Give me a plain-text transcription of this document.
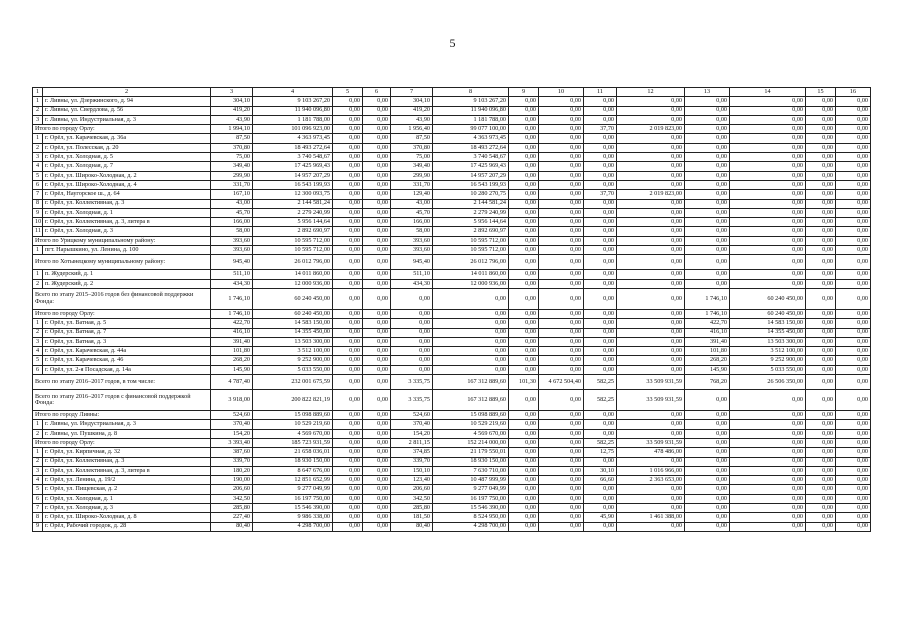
5
1	2	3	4	5	6	7	8	9	10	11	12	13	14	15	16
1	г. Ливны, ул. Дзержинского, д. 94	304,10	9 103 267,20	0,00	0,00	304,10	9 103 267,20	0,00	0,00	0,00	0,00	0,00	0,00	0,00	0,00
2	г. Ливны, ул. Свердлова, д. 56	419,20	11 940 096,80	0,00	0,00	419,20	11 940 096,80	0,00	0,00	0,00	0,00	0,00	0,00	0,00	0,00
3	г. Ливны, ул. Индустриальная, д. 3	43,90	1 181 788,00	0,00	0,00	43,90	1 181 788,00	0,00	0,00	0,00	0,00	0,00	0,00	0,00	0,00
Итого по городу Орлу:		1 994,10	101 096 923,00	0,00	0,00	1 956,40	99 077 100,00	0,00	0,00	37,70	2 019 823,00	0,00	0,00	0,00	0,00
1	г. Орёл, ул. Карачевская, д. 36а	87,50	4 363 973,45	0,00	0,00	87,50	4 363 973,45	0,00	0,00	0,00	0,00	0,00	0,00	0,00	0,00
2	г. Орёл, ул. Полесская, д. 20	370,80	18 493 272,64	0,00	0,00	370,80	18 493 272,64	0,00	0,00	0,00	0,00	0,00	0,00	0,00	0,00
3	г. Орёл, ул. Холодная, д. 5	75,00	3 740 548,67	0,00	0,00	75,00	3 740 548,67	0,00	0,00	0,00	0,00	0,00	0,00	0,00	0,00
4	г. Орёл, ул. Холодная, д. 7	349,40	17 425 969,43	0,00	0,00	349,40	17 425 969,43	0,00	0,00	0,00	0,00	0,00	0,00	0,00	0,00
5	г. Орёл, ул. Широко-Холодная, д. 2	299,90	14 957 207,29	0,00	0,00	299,90	14 957 207,29	0,00	0,00	0,00	0,00	0,00	0,00	0,00	0,00
6	г. Орёл, ул. Широко-Холодная, д. 4	331,70	16 543 199,93	0,00	0,00	331,70	16 543 199,93	0,00	0,00	0,00	0,00	0,00	0,00	0,00	0,00
7	г. Орёл, Наугорское ш., д. 64	167,10	12 300 093,75	0,00	0,00	129,40	10 280 270,75	0,00	0,00	37,70	2 019 823,00	0,00	0,00	0,00	0,00
8	г. Орёл, ул. Коллективная, д. 3	43,00	2 144 581,24	0,00	0,00	43,00	2 144 581,24	0,00	0,00	0,00	0,00	0,00	0,00	0,00	0,00
9	г. Орёл, ул. Холодная, д. 1	45,70	2 279 240,99	0,00	0,00	45,70	2 279 240,99	0,00	0,00	0,00	0,00	0,00	0,00	0,00	0,00
10	г. Орёл, ул. Коллективная, д. 3, литера в	166,00	5 956 144,64	0,00	0,00	166,00	5 956 144,64	0,00	0,00	0,00	0,00	0,00	0,00	0,00	0,00
11	г. Орёл, ул. Холодная, д. 3	58,00	2 892 690,97	0,00	0,00	58,00	2 892 690,97	0,00	0,00	0,00	0,00	0,00	0,00	0,00	0,00
Итого по Урицкому муниципальному району:		393,60	10 595 712,00	0,00	0,00	393,60	10 595 712,00	0,00	0,00	0,00	0,00	0,00	0,00	0,00	0,00
1	пгт. Нарышкино, ул. Ленина, д. 100	393,60	10 595 712,00	0,00	0,00	393,60	10 595 712,00	0,00	0,00	0,00	0,00	0,00	0,00	0,00	0,00
Итого по Хотынецкому муниципальному району:		945,40	26 012 796,00	0,00	0,00	945,40	26 012 796,00	0,00	0,00	0,00	0,00	0,00	0,00	0,00	0,00
1	п. Жудерский, д. 1	511,10	14 011 860,00	0,00	0,00	511,10	14 011 860,00	0,00	0,00	0,00	0,00	0,00	0,00	0,00	0,00
2	п. Жудерский, д. 2	434,30	12 000 936,00	0,00	0,00	434,30	12 000 936,00	0,00	0,00	0,00	0,00	0,00	0,00	0,00	0,00
Всего по этапу 2015–2016 годов без финансовой поддержки Фонда:		1 746,10	60 240 450,00	0,00	0,00	0,00	0,00	0,00	0,00	0,00	0,00	1 746,10	60 240 450,00	0,00	0,00
Итого по городу Орлу:		1 746,10	60 240 450,00	0,00	0,00	0,00	0,00	0,00	0,00	0,00	0,00	1 746,10	60 240 450,00	0,00	0,00
1	г. Орёл, ул. Ватная, д. 5	422,70	14 583 150,00	0,00	0,00	0,00	0,00	0,00	0,00	0,00	0,00	422,70	14 583 150,00	0,00	0,00
2	г. Орёл, ул. Ватная, д. 7	416,10	14 355 450,00	0,00	0,00	0,00	0,00	0,00	0,00	0,00	0,00	416,10	14 355 450,00	0,00	0,00
3	г. Орёл, ул. Ватная, д. 3	391,40	13 503 300,00	0,00	0,00	0,00	0,00	0,00	0,00	0,00	0,00	391,40	13 503 300,00	0,00	0,00
4	г. Орёл, ул. Карачевская, д. 44а	101,80	3 512 100,00	0,00	0,00	0,00	0,00	0,00	0,00	0,00	0,00	101,80	3 512 100,00	0,00	0,00
5	г. Орёл, ул. Карачевская, д. 46	268,20	9 252 900,00	0,00	0,00	0,00	0,00	0,00	0,00	0,00	0,00	268,20	9 252 900,00	0,00	0,00
6	г. Орёл, ул. 2-я Посадская, д. 14а	145,90	5 033 550,00	0,00	0,00	0,00	0,00	0,00	0,00	0,00	0,00	145,90	5 033 550,00	0,00	0,00
Всего по этапу 2016–2017 годов, в том числе:		4 787,40	232 001 675,59	0,00	0,00	3 335,75	167 312 889,60	101,30	4 672 504,40	582,25	33 509 931,59	768,20	26 506 350,00	0,00	0,00
Всего по этапу 2016–2017 годов с финансовой поддержкой Фонда:		3 918,00	200 822 821,19	0,00	0,00	3 335,75	167 312 889,60	0,00	0,00	582,25	33 509 931,59	0,00	0,00	0,00	0,00
Итого по городу Ливны:		524,60	15 098 889,60	0,00	0,00	524,60	15 098 889,60	0,00	0,00	0,00	0,00	0,00	0,00	0,00	0,00
1	г. Ливны, ул. Индустриальная, д. 3	370,40	10 529 219,60	0,00	0,00	370,40	10 529 219,60	0,00	0,00	0,00	0,00	0,00	0,00	0,00	0,00
2	г. Ливны, ул. Пушкина, д. 8	154,20	4 569 670,00	0,00	0,00	154,20	4 569 670,00	0,00	0,00	0,00	0,00	0,00	0,00	0,00	0,00
Итого по городу Орлу:		3 393,40	185 723 931,59	0,00	0,00	2 811,15	152 214 000,00	0,00	0,00	582,25	33 509 931,59	0,00	0,00	0,00	0,00
1	г. Орёл, ул. Кирпичная, д. 32	387,60	21 658 036,01	0,00	0,00	374,85	21 179 550,01	0,00	0,00	12,75	478 486,00	0,00	0,00	0,00	0,00
2	г. Орёл, ул. Коллективная, д. 3	339,70	18 930 150,00	0,00	0,00	339,70	18 930 150,00	0,00	0,00	0,00	0,00	0,00	0,00	0,00	0,00
3	г. Орёл, ул. Коллективная, д. 3, литера в	180,20	8 647 676,00	0,00	0,00	150,10	7 630 710,00	0,00	0,00	30,10	1 016 966,00	0,00	0,00	0,00	0,00
4	г. Орёл, ул. Ленина, д. 19/2	190,00	12 851 652,99	0,00	0,00	123,40	10 487 999,99	0,00	0,00	66,60	2 363 653,00	0,00	0,00	0,00	0,00
5	г. Орёл, ул. Пищевская, д. 2	206,60	9 277 049,99	0,00	0,00	206,60	9 277 049,99	0,00	0,00	0,00	0,00	0,00	0,00	0,00	0,00
6	г. Орёл, ул. Холодная, д. 1	342,50	16 197 750,00	0,00	0,00	342,50	16 197 750,00	0,00	0,00	0,00	0,00	0,00	0,00	0,00	0,00
7	г. Орёл, ул. Холодная, д. 3	285,80	15 546 390,00	0,00	0,00	285,80	15 546 390,00	0,00	0,00	0,00	0,00	0,00	0,00	0,00	0,00
8	г. Орёл, ул. Широко-Холодная, д. 8	227,40	9 986 338,00	0,00	0,00	181,50	8 524 950,00	0,00	0,00	45,90	1 461 388,00	0,00	0,00	0,00	0,00
9	г. Орёл, Рабочий городок, д. 28	80,40	4 298 700,00	0,00	0,00	80,40	4 298 700,00	0,00	0,00	0,00	0,00	0,00	0,00	0,00	0,00
